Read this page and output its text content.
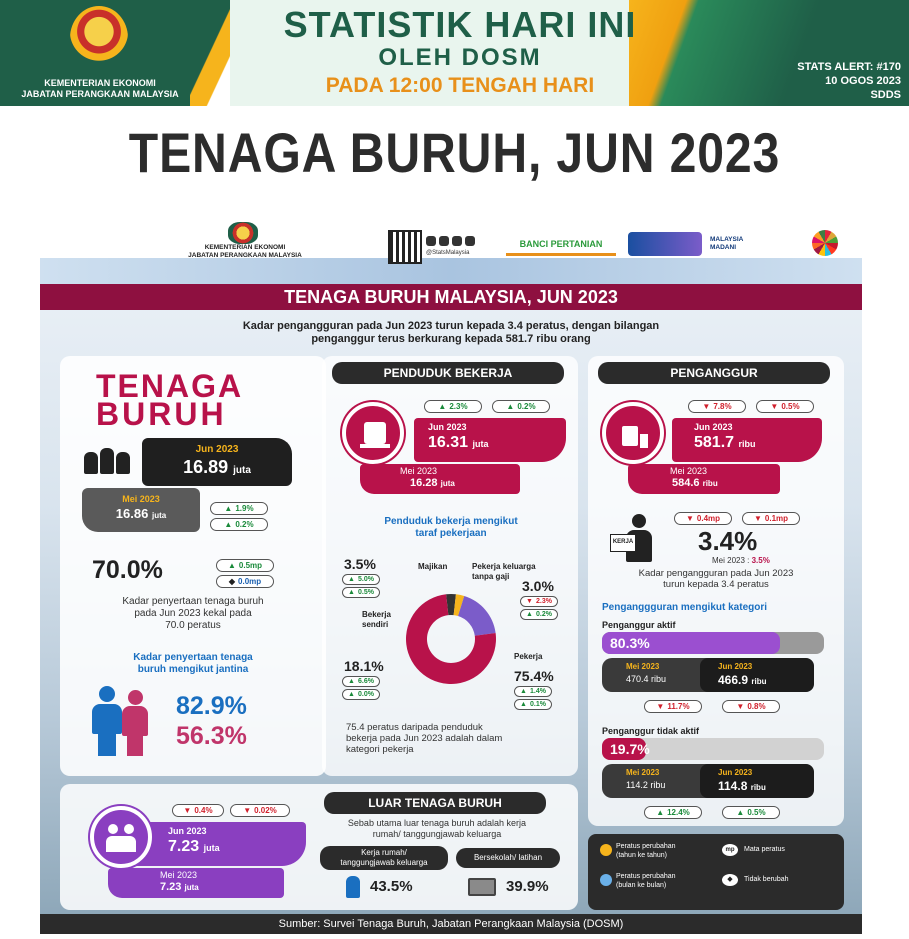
KEMENTERIAN EKONOMI
JABATAN PERANGKAAN MALAYSIA
STATISTIK HARI INI
OLEH DOSM
PADA 12:00 TENGAH HARI
STATS ALERT: #170
10 OGOS 2023
SDDS
TENAGA BURUH, JUN 2023
KEMENTERIAN EKONOMI
JABATAN PERANGKAAN MALAYSIA	@StatsMalaysia
BANCI PERTANIAN	MALAYSIA MADANI
TENAGA BURUH MALAYSIA, JUN 2023
Kadar pengangguran pada Jun 2023 turun kepada 3.4 peratus, dengan bilangan
penganggur terus berkurang kepada 581.7 ribu orang
TENAGA
BURUH
Jun 2023
16.89 juta
Mei 2023
16.86 juta
▲ 1.9%
▲ 0.2%
70.0%	▲ 0.5mp
◆ 0.0mp
Kadar penyertaan tenaga buruh
pada Jun 2023 kekal pada
70.0 peratus
Kadar penyertaan tenaga
buruh mengikut jantina
82.9%
56.3%
PENDUDUK BEKERJA
▲ 2.3%	▲ 0.2%
Jun 2023
16.31 juta
Mei 2023
16.28 juta
Penduduk bekerja mengikut
taraf pekerjaan
Majikan	Pekerja keluarga
tanpa gaji
Bekerja
sendiri
Pekerja
3.5%
▲ 5.0%
▲ 0.5%	3.0%
▼ 2.3%
▲ 0.2%
18.1%
▲ 6.6%
▲ 0.0%
75.4%
▲ 1.4%
▲ 0.1%
75.4 peratus daripada penduduk
bekerja pada Jun 2023 adalah dalam
kategori pekerja
PENGANGGUR
▼ 7.8%	▼ 0.5%
Jun 2023
581.7 ribu
Mei 2023
584.6 ribu
KERJA
▼ 0.4mp	▼ 0.1mp
3.4%
Mei 2023 : 3.5%
Kadar pengangguran pada Jun 2023
turun kepada 3.4 peratus
Penganggguran mengikut kategori
Penganggur aktif
80.3%
Mei 2023
470.4 ribu
Jun 2023
466.9 ribu
▼ 11.7%	▼ 0.8%
Penganggur tidak aktif
19.7%
Mei 2023
114.2 ribu
Jun 2023
114.8 ribu
▲ 12.4%	▲ 0.5%
▼ 0.4%	▼ 0.02%
Jun 2023
7.23 juta
Mei 2023
7.23 juta
LUAR TENAGA BURUH
Sebab utama luar tenaga buruh adalah kerja
rumah/ tanggungjawab keluarga
Kerja rumah/
tanggungjawab keluarga
Bersekolah/ latihan
43.5%	39.9%
Peratus perubahan
(tahun ke tahun)
Peratus perubahan
(bulan ke bulan)
mp	Mata peratus
◆	Tidak berubah
Sumber: Survei Tenaga Buruh, Jabatan Perangkaan Malaysia (DOSM)
